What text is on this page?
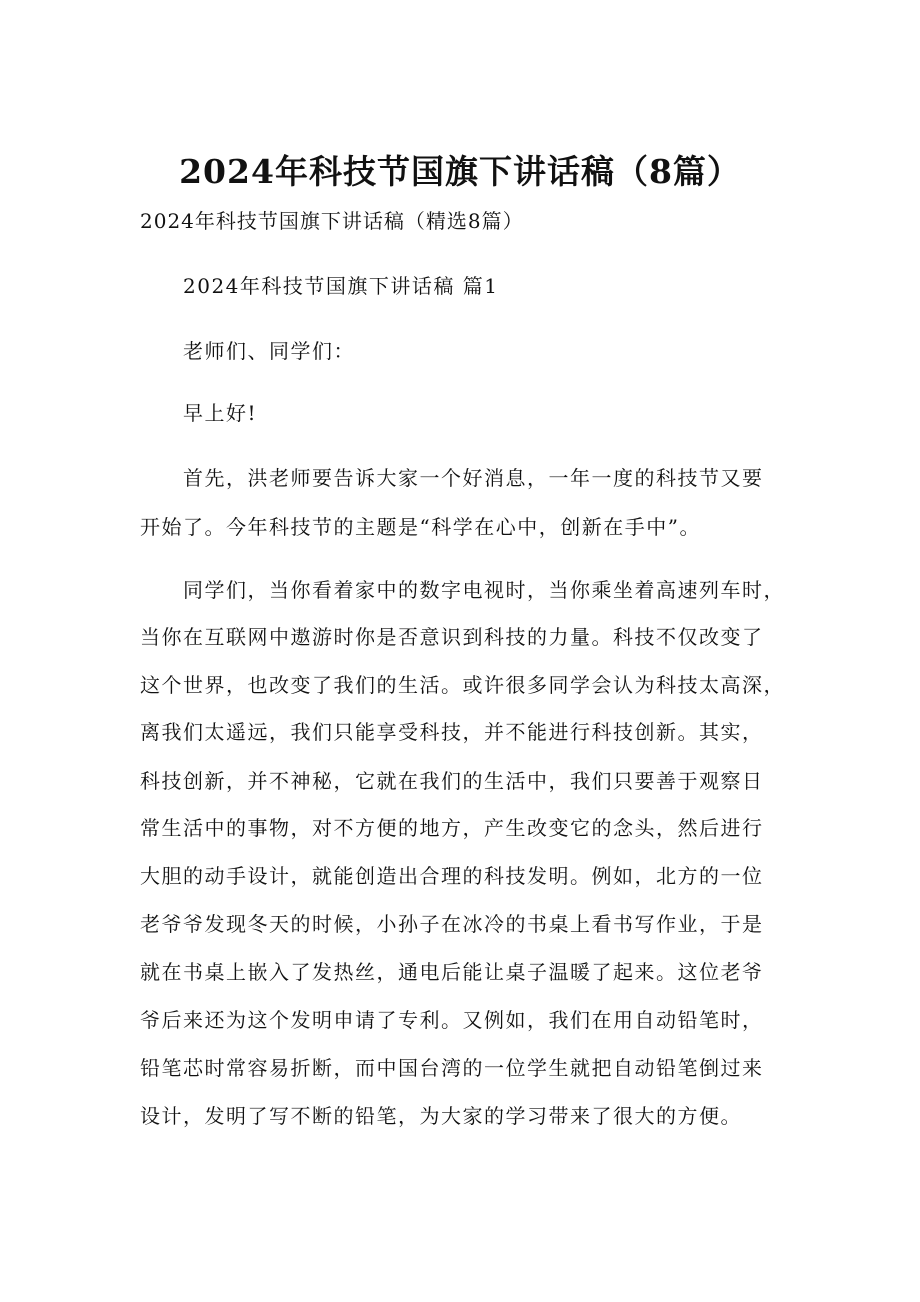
2024年科技节国旗下讲话稿（8篇）
2024年科技节国旗下讲话稿（精选8篇）
2024年科技节国旗下讲话稿 篇1
老师们、同学们：
早上好!
首先，洪老师要告诉大家一个好消息，一年一度的科技节又要
开始了。今年科技节的主题是“科学在心中，创新在手中”。
同学们，当你看着家中的数字电视时，当你乘坐着高速列车时，
当你在互联网中遨游时你是否意识到科技的力量。科技不仅改变了
这个世界，也改变了我们的生活。或许很多同学会认为科技太高深，
离我们太遥远，我们只能享受科技，并不能进行科技创新。其实，
科技创新，并不神秘，它就在我们的生活中，我们只要善于观察日
常生活中的事物，对不方便的地方，产生改变它的念头，然后进行
大胆的动手设计，就能创造出合理的科技发明。例如，北方的一位
老爷爷发现冬天的时候，小孙子在冰冷的书桌上看书写作业，于是
就在书桌上嵌入了发热丝，通电后能让桌子温暖了起来。这位老爷
爷后来还为这个发明申请了专利。又例如，我们在用自动铅笔时，
铅笔芯时常容易折断，而中国台湾的一位学生就把自动铅笔倒过来
设计，发明了写不断的铅笔，为大家的学习带来了很大的方便。
